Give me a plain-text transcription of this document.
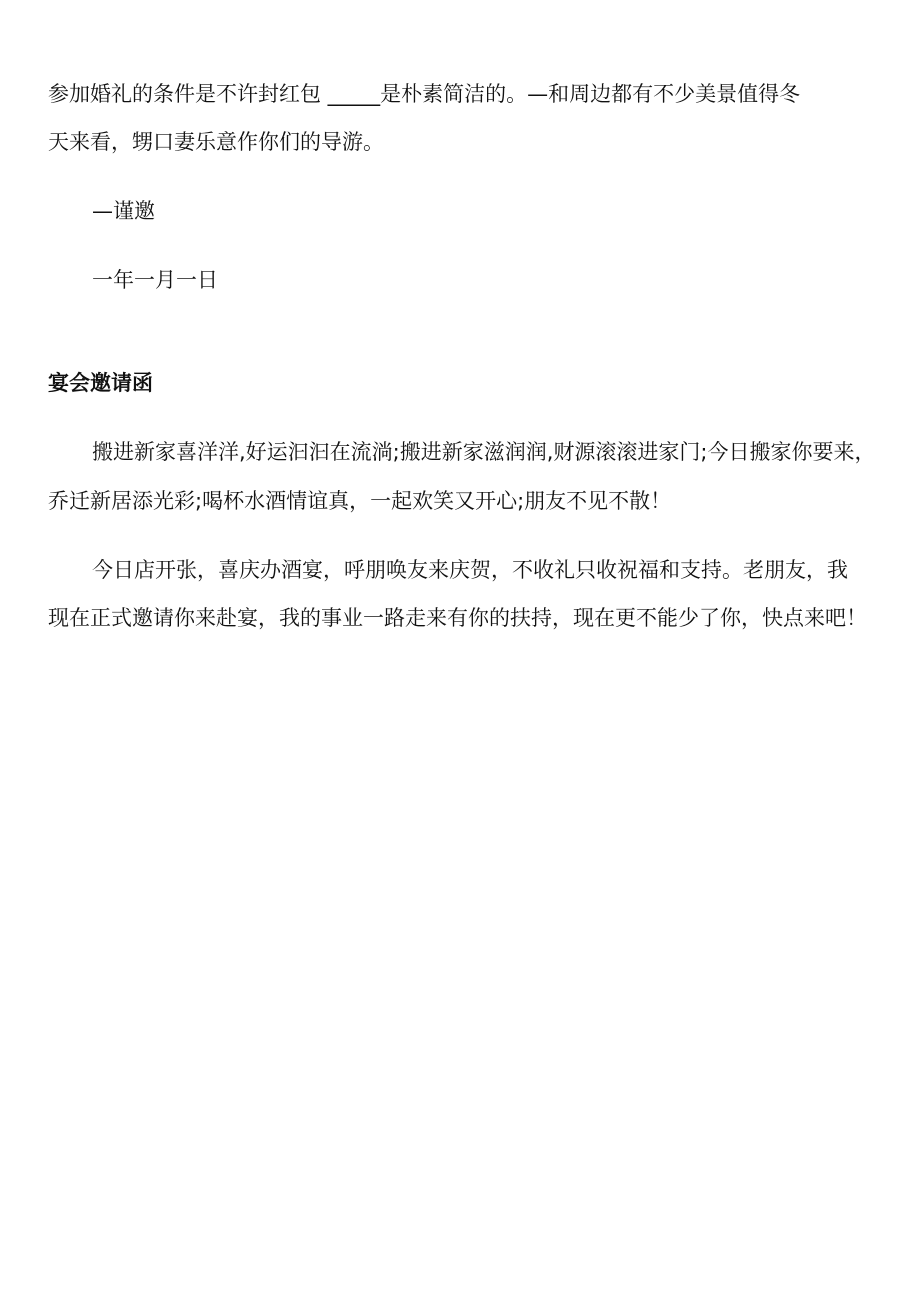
参加婚礼的条件是不许封红包 _____是朴素简洁的。—和周边都有不少美景值得冬
天来看，甥口妻乐意作你们的导游。
—谨邀
一年一月一日
宴会邀请函
搬进新家喜洋洋,好运汩汩在流淌;搬进新家滋润润,财源滚滚进家门;今日搬家你要来，
乔迁新居添光彩;喝杯水酒情谊真，一起欢笑又开心;朋友不见不散！
今日店开张，喜庆办酒宴，呼朋唤友来庆贺，不收礼只收祝福和支持。老朋友，我
现在正式邀请你来赴宴，我的事业一路走来有你的扶持，现在更不能少了你，快点来吧！
